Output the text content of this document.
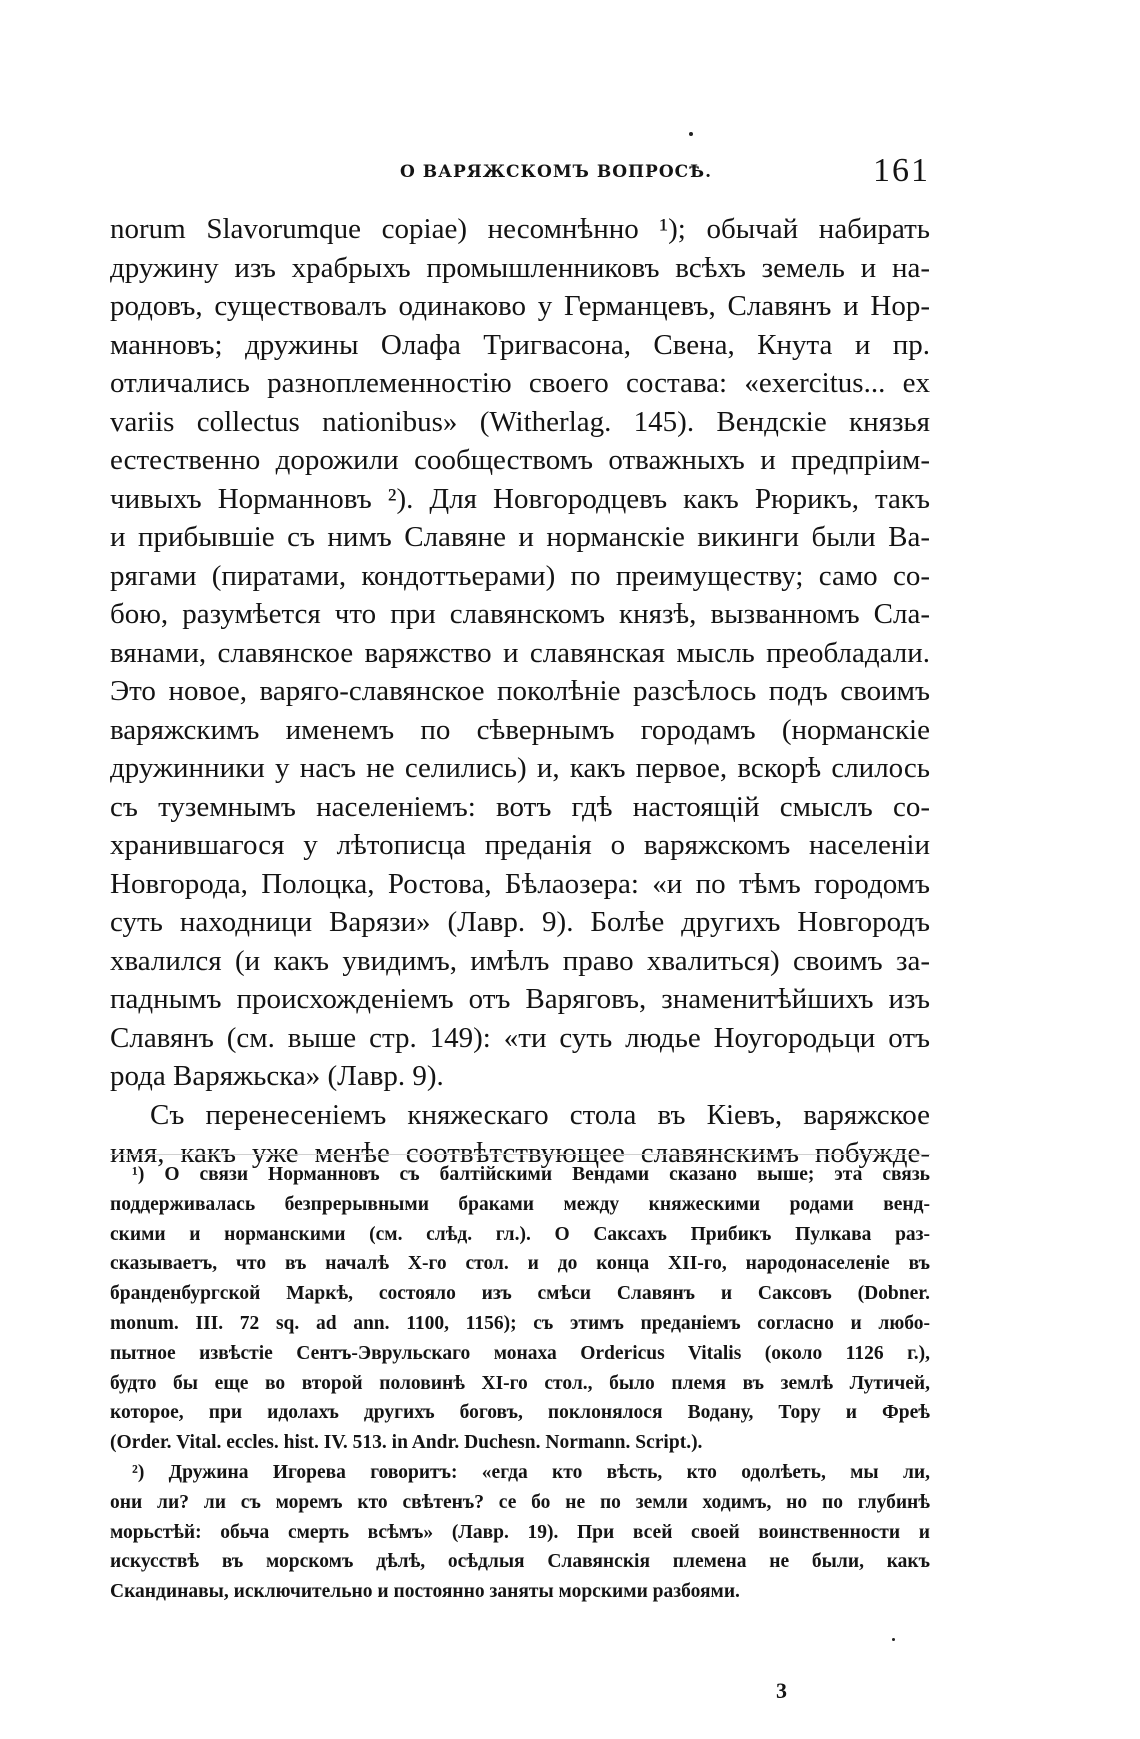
О ВАРЯЖСКОМЪ ВОПРОСѢ.	161
norum Slavorumque copiae) несомнѣнно ¹); обычай набирать
дружину изъ храбрыхъ промышленниковъ всѣхъ земель и на-
родовъ, существовалъ одинаково у Германцевъ, Славянъ и Нор-
манновъ; дружины Олафа Тригвасона, Свена, Кнута и пр.
отличались разноплеменностію своего состава: «exercitus... ex
variis collectus nationibus» (Witherlag. 145). Вендскіе князья
естественно дорожили сообществомъ отважныхъ и предпріим-
чивыхъ Норманновъ ²). Для Новгородцевъ какъ Рюрикъ, такъ
и прибывшіе съ нимъ Славяне и норманскіе викинги были Ва-
рягами (пиратами, кондоттьерами) по преимуществу; само со-
бою, разумѣется что при славянскомъ князѣ, вызванномъ Сла-
вянами, славянское варяжство и славянская мысль преобладали.
Это новое, варяго-славянское поколѣніе разсѣлось подъ своимъ
варяжскимъ именемъ по сѣвернымъ городамъ (норманскіе
дружинники у насъ не селились) и, какъ первое, вскорѣ слилось
съ туземнымъ населеніемъ: вотъ гдѣ настоящій смыслъ со-
хранившагося у лѣтописца преданія о варяжскомъ населеніи
Новгорода, Полоцка, Ростова, Бѣлаозера: «и по тѣмъ городомъ
суть находници Варязи» (Лавр. 9). Болѣе другихъ Новгородъ
хвалился (и какъ увидимъ, имѣлъ право хвалиться) своимъ за-
паднымъ происхожденіемъ отъ Варяговъ, знаменитѣйшихъ изъ
Славянъ (см. выше стр. 149): «ти суть людье Ноугородьци отъ
рода Варяжьска» (Лавр. 9).
Съ перенесеніемъ княжескаго стола въ Кіевъ, варяжское
имя, какъ уже менѣе соотвѣтствующее славянскимъ побужде-
¹) О связи Норманновъ съ балтійскими Вендами сказано выше; эта связь
поддерживалась безпрерывными браками между княжескими родами венд-
скими и норманскими (см. слѣд. гл.). О Саксахъ Прибикъ Пулкава раз-
сказываетъ, что въ началѣ X-го стол. и до конца XII-го, народонаселеніе въ
бранденбургской Маркѣ, состояло изъ смѣси Славянъ и Саксовъ (Dobner.
monum. III. 72 sq. ad ann. 1100, 1156); съ этимъ преданіемъ согласно и любо-
пытное извѣстіе Сентъ-Эврульскаго монаха Ordericus Vitalis (около 1126 г.),
будто бы еще во второй половинѣ XI-го стол., было племя въ землѣ Лутичей,
которое, при идолахъ другихъ боговъ, поклонялося Водану, Тору и Фреѣ
(Order. Vital. eccles. hist. IV. 513. in Andr. Duchesn. Normann. Script.).
²) Дружина Игорева говоритъ: «егда кто вѣсть, кто одолѣеть, мы ли,
они ли? ли съ моремъ кто свѣтенъ? се бо не по земли ходимъ, но по глубинѣ
морьстѣй: обьча смерть всѣмъ» (Лавр. 19). При всей своей воинственности и
искусствѣ въ морскомъ дѣлѣ, осѣдлыя Славянскія племена не были, какъ
Скандинавы, исключительно и постоянно заняты морскими разбоями.
3
